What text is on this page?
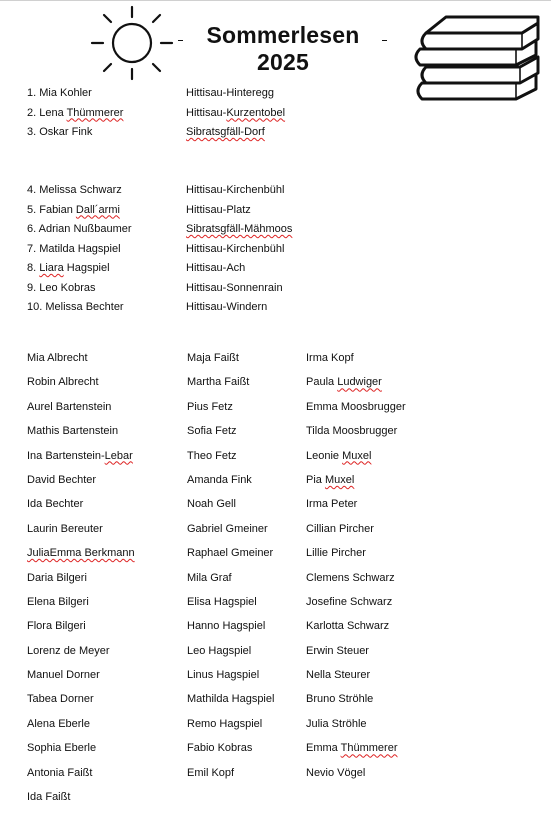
Sommerlesen 2025
1. Mia Kohler	Hittisau-Hinteregg
2. Lena Thümmerer	Hittisau-Kurzentobel
3. Oskar Fink	Sibratsgfäll-Dorf
4. Melissa Schwarz	Hittisau-Kirchenbühl
5. Fabian Dall´armi	Hittisau-Platz
6. Adrian Nußbaumer	Sibratsgfäll-Mähmoos
7. Matilda Hagspiel	Hittisau-Kirchenbühl
8. Liara Hagspiel	Hittisau-Ach
9. Leo Kobras	Hittisau-Sonnenrain
10. Melissa Bechter	Hittisau-Windern
Mia Albrecht
Robin Albrecht
Aurel Bartenstein
Mathis Bartenstein
Ina Bartenstein-Lebar
David Bechter
Ida Bechter
Laurin Bereuter
JuliaEmma Berkmann
Daria Bilgeri
Elena Bilgeri
Flora Bilgeri
Lorenz de Meyer
Manuel Dorner
Tabea Dorner
Alena Eberle
Sophia Eberle
Antonia Faißt
Ida Faißt
Maja Faißt
Martha Faißt
Pius Fetz
Sofia Fetz
Theo Fetz
Amanda Fink
Noah Gell
Gabriel Gmeiner
Raphael Gmeiner
Mila Graf
Elisa Hagspiel
Hanno Hagspiel
Leo Hagspiel
Linus Hagspiel
Mathilda Hagspiel
Remo Hagspiel
Fabio Kobras
Emil Kopf
Irma Kopf
Paula Ludwiger
Emma Moosbrugger
Tilda Moosbrugger
Leonie Muxel
Pia Muxel
Irma Peter
Cillian Pircher
Lillie Pircher
Clemens Schwarz
Josefine Schwarz
Karlotta Schwarz
Erwin Steuer
Nella Steurer
Bruno Ströhle
Julia Ströhle
Emma Thümmerer
Nevio Vögel
